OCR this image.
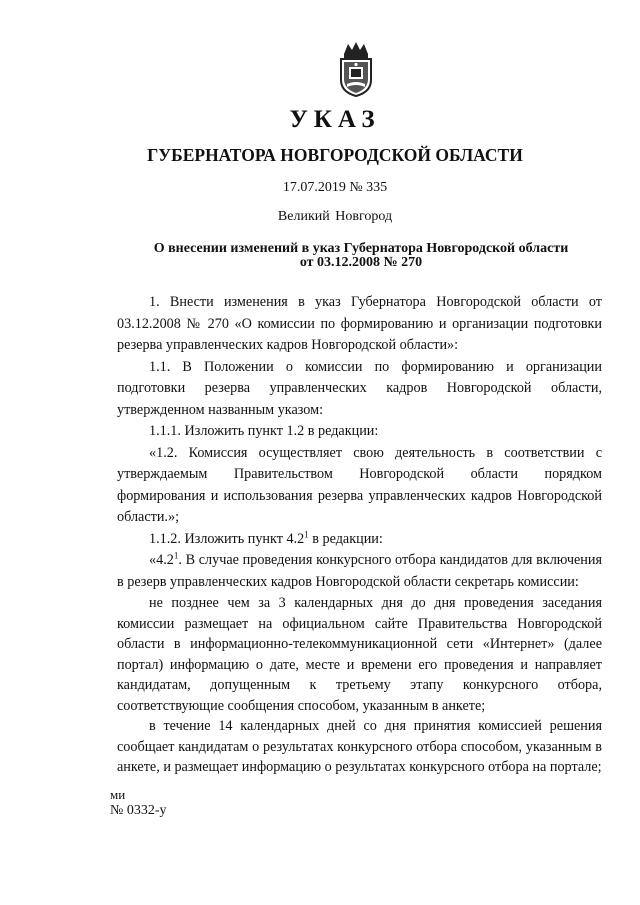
УКАЗ
ГУБЕРНАТОРА НОВГОРОДСКОЙ ОБЛАСТИ
17.07.2019 № 335
Великий Новгород
О внесении изменений в указ Губернатора Новгородской области
от 03.12.2008 № 270

1. Внести изменения в указ Губернатора Новгородской области от 03.12.2008 № 270 «О комиссии по формированию и организации подготовки резерва управленческих кадров Новгородской области»:

1.1. В Положении о комиссии по формированию и организации подготовки резерва управленческих кадров Новгородской области, утвержденном названным указом:

1.1.1. Изложить пункт 1.2 в редакции:

«1.2. Комиссия осуществляет свою деятельность в соответствии с утверждаемым Правительством Новгородской области порядком формирования и использования резерва управленческих кадров Новгородской области.»;

1.1.2. Изложить пункт $4.2^1$ в редакции:

«$4.2^1$. В случае проведения конкурсного отбора кандидатов для включения в резерв управленческих кадров Новгородской области секретарь комиссии:

не позднее чем за 3 календарных дня до дня проведения заседания комиссии размещает на официальном сайте Правительства Новгородской области в информационно-телекоммуникационной сети «Интернет» (далее портал) информацию о дате, месте и времени его проведения и направляет кандидатам, допущенным к третьему этапу конкурсного отбора, соответствующие сообщения способом, указанным в анкете;

в течение 14 календарных дней со дня принятия комиссией решения сообщает кандидатам о результатах конкурсного отбора способом, указанным в анкете, и размещает информацию о результатах конкурсного отбора на портале;

ми
№ 0332-у
